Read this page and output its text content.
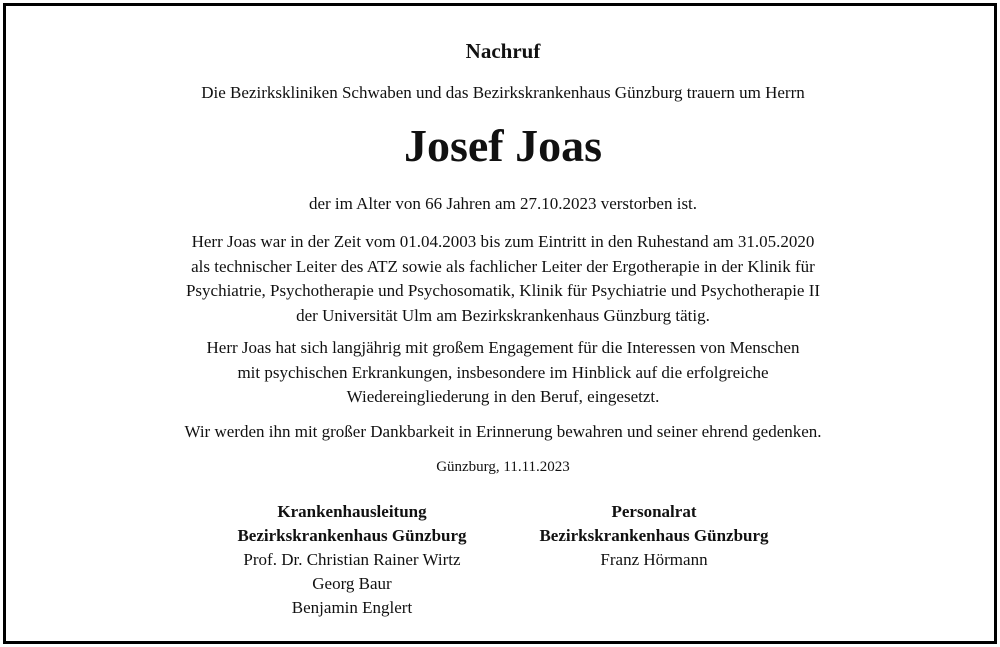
Nachruf
Die Bezirkskliniken Schwaben und das Bezirkskrankenhaus Günzburg trauern um Herrn
Josef Joas
der im Alter von 66 Jahren am 27.10.2023 verstorben ist.
Herr Joas war in der Zeit vom 01.04.2003 bis zum Eintritt in den Ruhestand am 31.05.2020
als technischer Leiter des ATZ sowie als fachlicher Leiter der Ergotherapie in der Klinik für
Psychiatrie, Psychotherapie und Psychosomatik, Klinik für Psychiatrie und Psychotherapie II
der Universität Ulm am Bezirkskrankenhaus Günzburg tätig.
Herr Joas hat sich langjährig mit großem Engagement für die Interessen von Menschen
mit psychischen Erkrankungen, insbesondere im Hinblick auf die erfolgreiche
Wiedereingliederung in den Beruf, eingesetzt.
Wir werden ihn mit großer Dankbarkeit in Erinnerung bewahren und seiner ehrend gedenken.
Günzburg, 11.11.2023
Krankenhausleitung
Bezirkskrankenhaus Günzburg
Prof. Dr. Christian Rainer Wirtz
Georg Baur
Benjamin Englert
Personalrat
Bezirkskrankenhaus Günzburg
Franz Hörmann
